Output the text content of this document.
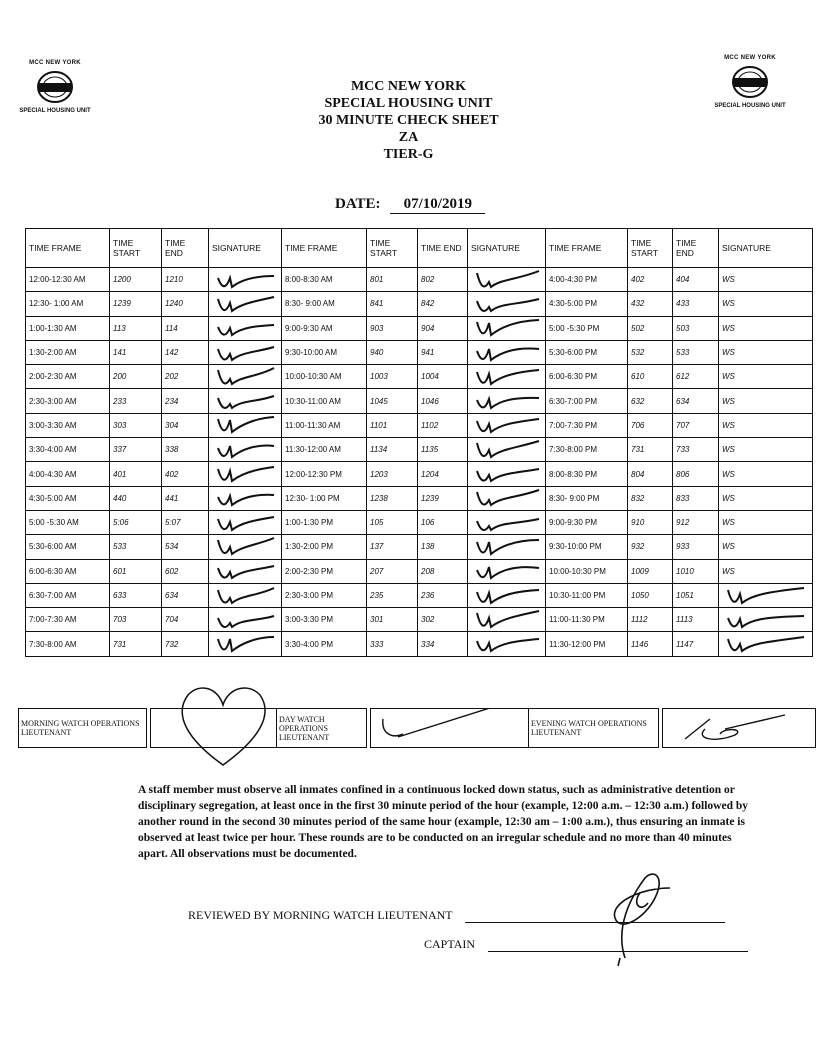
MCC NEW YORK
SPECIAL HOUSING UNIT
MCC NEW YORK
SPECIAL HOUSING UNIT
MCC NEW YORK
SPECIAL HOUSING UNIT
30 MINUTE CHECK SHEET
ZA
TIER-G
DATE: 07/10/2019
TIME FRAME	TIME START	TIME END	SIGNATURE	TIME FRAME	TIME START	TIME END	SIGNATURE	TIME FRAME	TIME START	TIME END	SIGNATURE
12:00-12:30 AM	1200	1210		8:00-8:30 AM	801	802		4:00-4:30 PM	402	404	WS
12:30- 1:00 AM	1239	1240		8:30- 9:00 AM	841	842		4:30-5:00 PM	432	433	WS
1:00-1:30 AM	113	114		9:00-9:30 AM	903	904		5:00 -5:30 PM	502	503	WS
1:30-2:00 AM	141	142		9:30-10:00 AM	940	941		5:30-6:00 PM	532	533	WS
2:00-2:30 AM	200	202		10:00-10:30 AM	1003	1004		6:00-6:30 PM	610	612	WS
2:30-3:00 AM	233	234		10:30-11:00 AM	1045	1046		6:30-7:00 PM	632	634	WS
3:00-3:30 AM	303	304		11:00-11:30 AM	1101	1102		7:00-7:30 PM	706	707	WS
3:30-4:00 AM	337	338		11:30-12:00 AM	1134	1135		7:30-8:00 PM	731	733	WS
4:00-4:30 AM	401	402		12:00-12:30 PM	1203	1204		8:00-8:30 PM	804	806	WS
4:30-5:00 AM	440	441		12:30- 1:00 PM	1238	1239		8:30- 9:00 PM	832	833	WS
5:00 -5:30 AM	5:06	5:07		1:00-1:30 PM	105	106		9:00-9:30 PM	910	912	WS
5:30-6:00 AM	533	534		1:30-2:00 PM	137	138		9:30-10:00 PM	932	933	WS
6:00-6:30 AM	601	602		2:00-2:30 PM	207	208		10:00-10:30 PM	1009	1010	WS
6:30-7:00 AM	633	634		2:30-3:00 PM	235	236		10:30-11:00 PM	1050	1051	

7:00-7:30 AM	703	704		3:00-3:30 PM	301	302		11:00-11:30 PM	1112	1113	

7:30-8:00 AM	731	732		3:30-4:00 PM	333	334		11:30-12:00 PM	1146	1147	
MORNING WATCH OPERATIONS LIEUTENANT			DAY WATCH OPERATIONS LIEUTENANT			EVENING WATCH OPERATIONS LIEUTENANT		
A staff member must observe all inmates confined in a continuous locked down status, such as administrative detention or disciplinary segregation, at least once in the first 30 minute period of the hour (example, 12:00 a.m. – 12:30 a.m.) followed by another round in the second 30 minutes period of the same hour (example, 12:30 am – 1:00 a.m.), thus ensuring an inmate is observed at least twice per hour. These rounds are to be conducted on an irregular schedule and no more than 40 minutes apart. All observations must be documented.
REVIEWED BY MORNING WATCH LIEUTENANT
CAPTAIN
